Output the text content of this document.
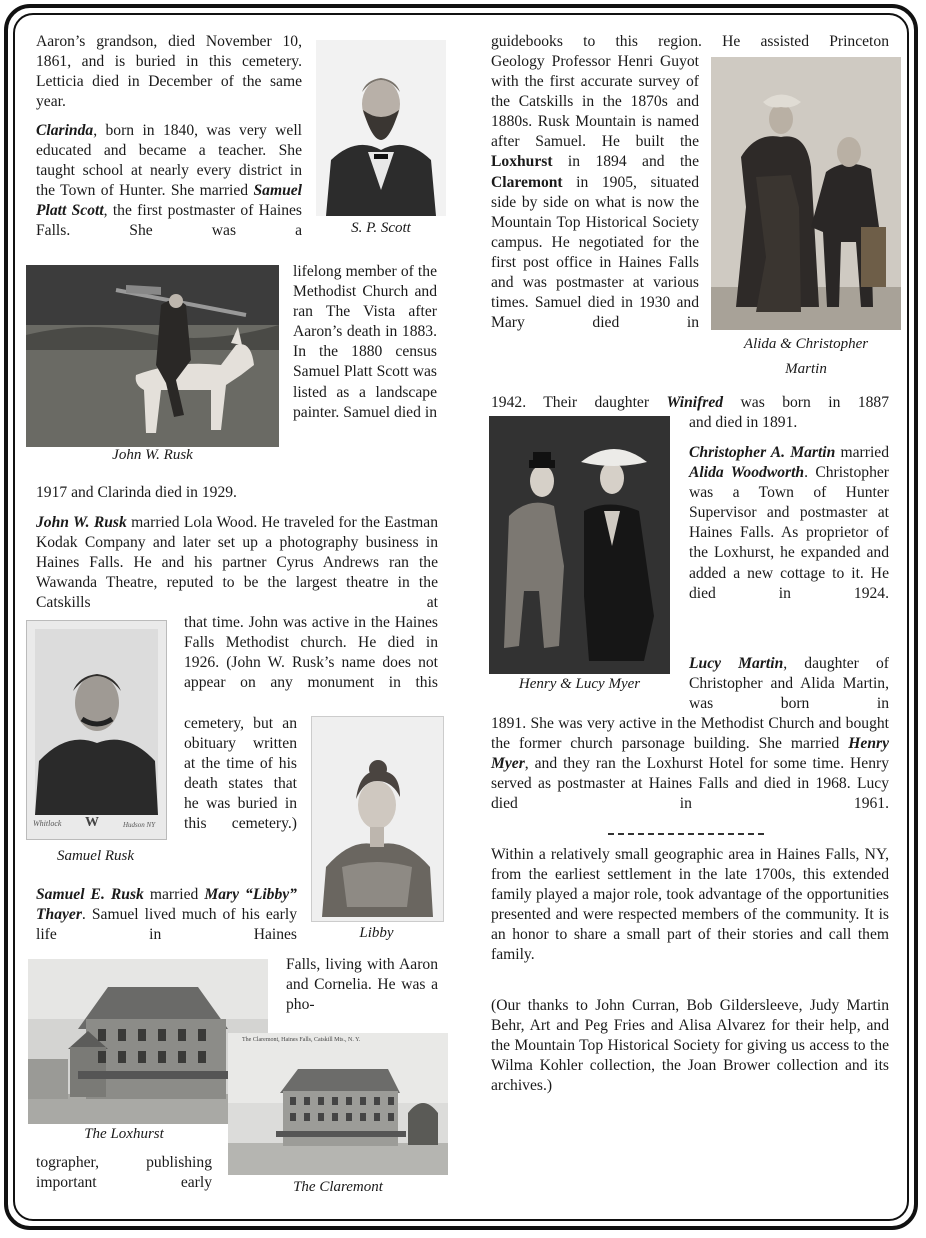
Aaron’s grandson, died November 10, 1861, and is buried in this cemetery. Letticia died in December of the same year.
Clarinda, born in 1840, was very well educated and became a teacher. She taught school at nearly every district in the Town of Hunter. She married Samuel Platt Scott, the first postmaster of Haines Falls. She was a
lifelong member of the Methodist Church and ran The Vista after Aaron’s death in 1883. In the 1880 census Samuel Platt Scott was listed as a landscape painter. Samuel died in
1917 and Clarinda died in 1929.
John W. Rusk married Lola Wood. He traveled for the Eastman Kodak Company and later set up a photography business in Haines Falls. He and his partner Cyrus Andrews ran the Wawanda Theatre, reputed to be the largest theatre in the Catskills at
that time. John was active in the Haines Falls Methodist church. He died in 1926. (John W. Rusk’s name does not appear on any monument in this
cemetery, but an obituary written at the time of his death states that he was buried in this cemetery.)
Samuel E. Rusk married Mary “Libby” Thayer. Samuel lived much of his early life in Haines
Falls, living with Aaron and Cornelia. He was a pho-
tographer, publishing important early
guidebooks to this region. He assisted Princeton
Geology Professor Henri Guyot with the first accurate survey of the Catskills in the 1870s and 1880s. Rusk Mountain is named after Samuel. He built the Loxhurst in 1894 and the Claremont in 1905, situated side by side on what is now the Mountain Top Historical Society campus. He negotiated for the first post office in Haines Falls and was postmaster at various times. Samuel died in 1930 and Mary died in
1942. Their daughter Winifred was born in 1887
and died in 1891.
Christopher A. Martin married Alida Woodworth. Christopher was a Town of Hunter Supervisor and postmaster at Haines Falls. As proprietor of the Loxhurst, he expanded and added a new cottage to it. He died in 1924.
Lucy Martin, daughter of Christopher and Alida Martin, was born in
1891. She was very active in the Methodist Church and bought the former church parsonage building. She married Henry Myer, and they ran the Loxhurst Hotel for some time. Henry served as postmaster at Haines Falls and died in 1968. Lucy died in 1961.
Within a relatively small geographic area in Haines Falls, NY, from the earliest settlement in the late 1700s, this extended family played a major role, took advantage of the opportunities presented and were respected members of the community. It is an honor to share a small part of their stories and call them family.
(Our thanks to John Curran, Bob Gildersleeve, Judy Martin Behr, Art and Peg Fries and Alisa Alvarez for their help, and the Mountain Top Historical Society for giving us access to the Wilma Kohler collection, the Joan Brower collection and its archives.)
S. P. Scott
John W. Rusk
Alida & Christopher
Martin
Henry & Lucy Myer
Whitlock W	Hudson NY
Samuel Rusk
Libby
The Loxhurst
The Claremont, Haines Falls, Catskill Mts., N. Y.
The Claremont
